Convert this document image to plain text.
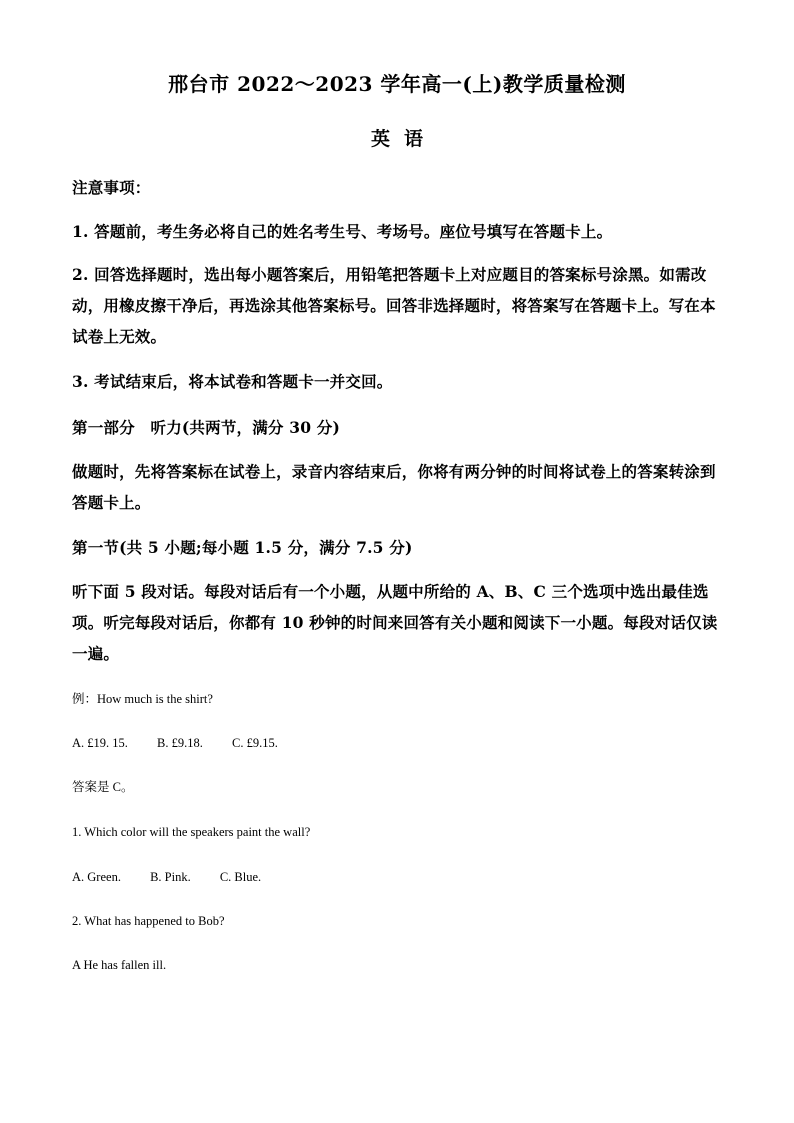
邢台市 2022～2023 学年高一(上)教学质量检测
英语
注意事项：
1. 答题前，考生务必将自己的姓名考生号、考场号。座位号填写在答题卡上。
2. 回答选择题时，选出每小题答案后，用铅笔把答题卡上对应题目的答案标号涂黑。如需改动，用橡皮擦干净后，再选涂其他答案标号。回答非选择题时，将答案写在答题卡上。写在本试卷上无效。
3. 考试结束后，将本试卷和答题卡一并交回。
第一部分　听力(共两节，满分 30 分)
做题时，先将答案标在试卷上，录音内容结束后，你将有两分钟的时间将试卷上的答案转涂到答题卡上。
第一节(共 5 小题;每小题 1.5 分，满分 7.5 分)
听下面 5 段对话。每段对话后有一个小题，从题中所给的 A、B、C 三个选项中选出最佳选项。听完每段对话后，你都有 10 秒钟的时间来回答有关小题和阅读下一小题。每段对话仅读一遍。
例：How much is the shirt?
A. £19. 15. B. £9.18. C. £9.15.
答案是 C。
1. Which color will the speakers paint the wall?
A. Green. B. Pink. C. Blue.
2. What has happened to Bob?
A He has fallen ill.
